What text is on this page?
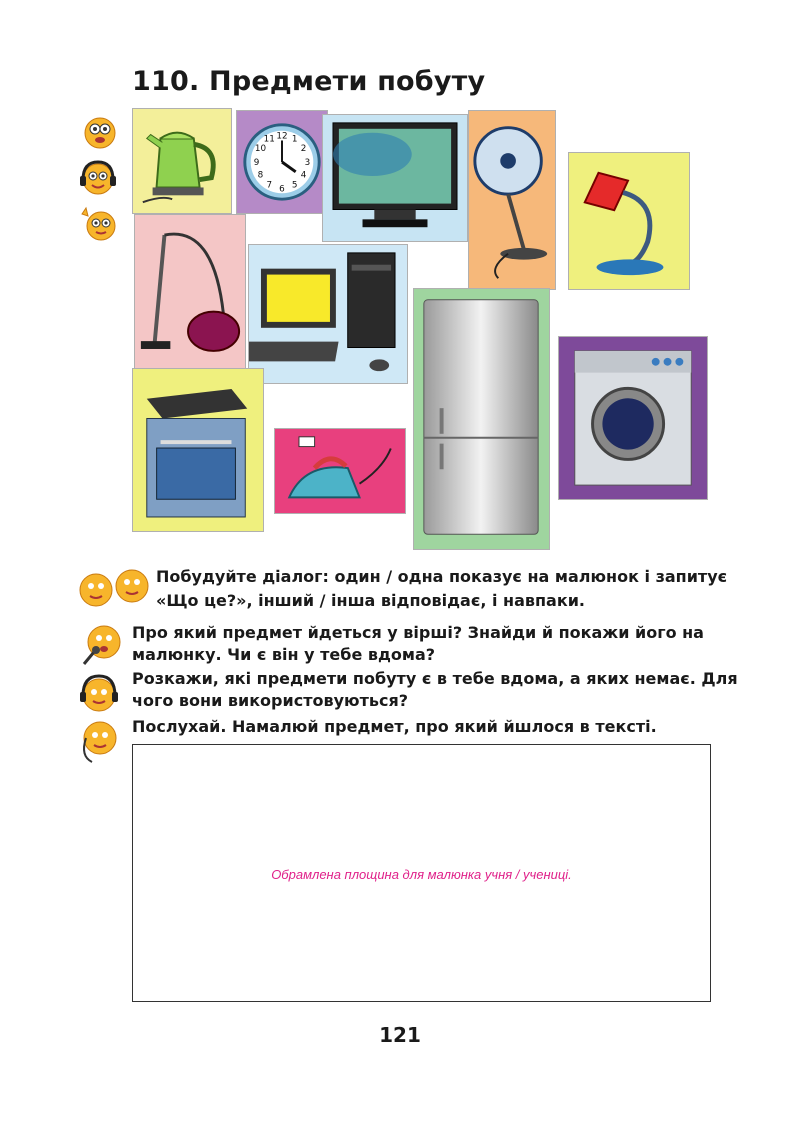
110. Предмети побуту
12 1
2
3
4
5
6
7
8
9
10
11

Побудуйте діалог: один / одна показує на малюнок і запитує

«Що це?», інший / інша відповідає, і навпаки.

Про який предмет йдеться у вірші? Знайди й покажи його на

малюнку. Чи є він у тебе вдома?

Розкажи, які предмети побуту є в тебе вдома, а яких немає. Для

чого вони використовуються?

Послухай. Намалюй предмет, про який йшлося в тексті.

Обрамлена площина для малюнка учня / учениці.
121
